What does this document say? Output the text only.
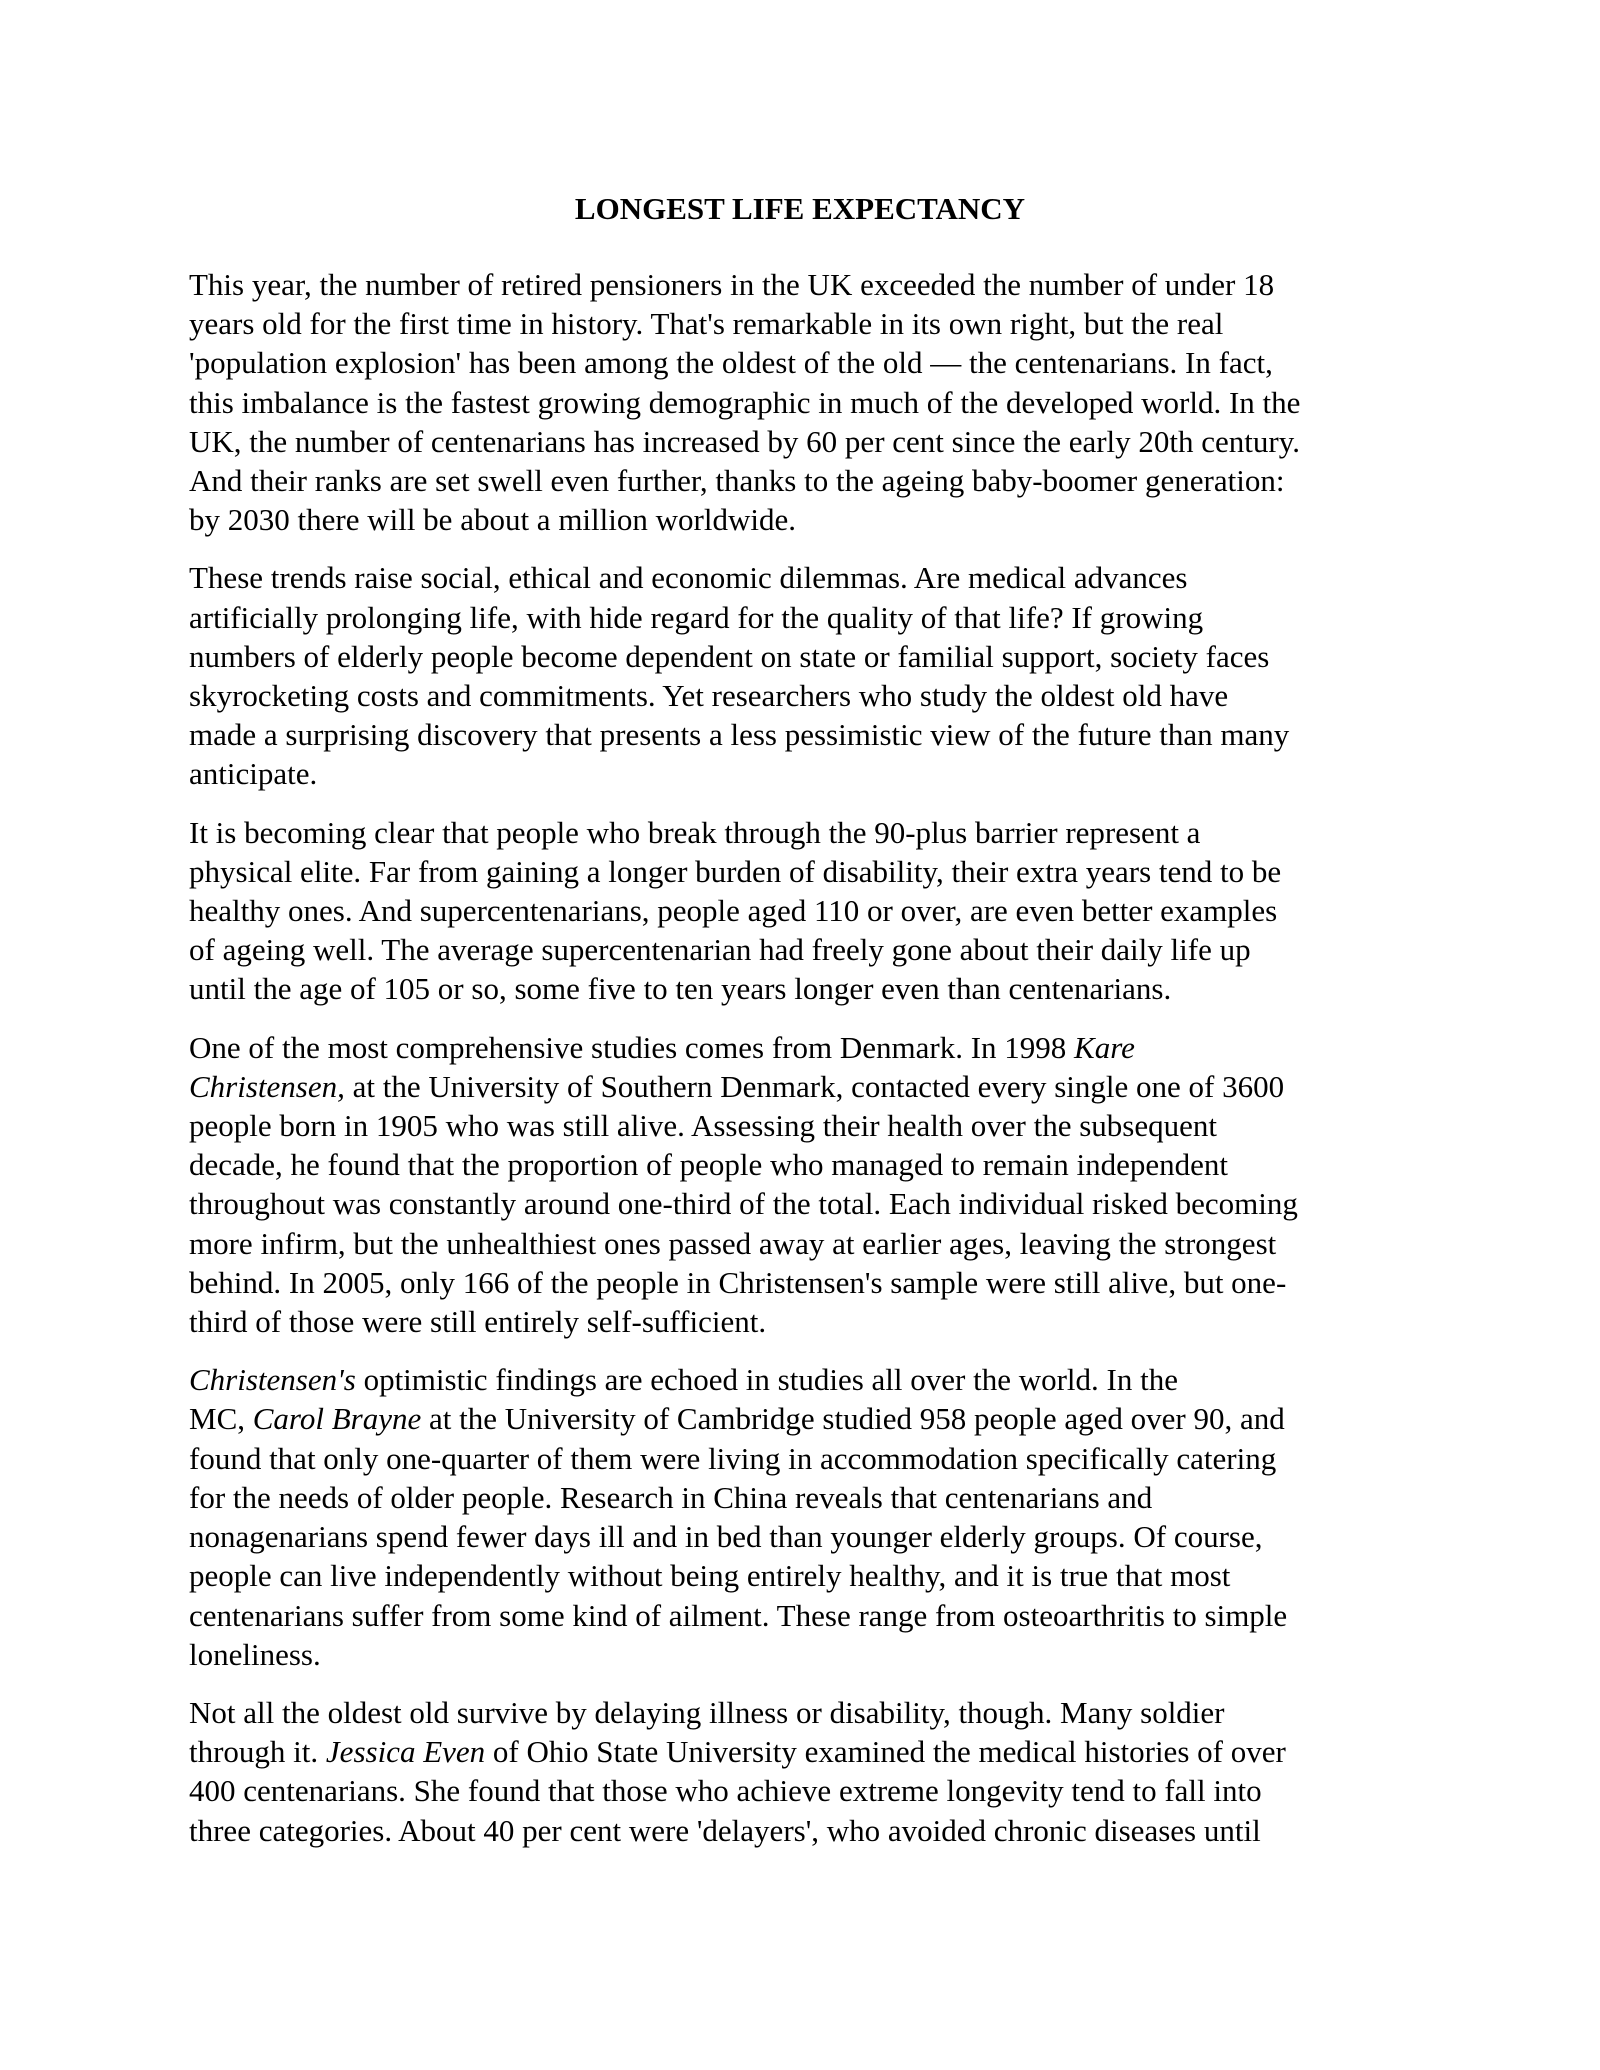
LONGEST LIFE EXPECTANCY

This year, the number of retired pensioners in the UK exceeded the number of under 18
years old for the first time in history. That's remarkable in its own right, but the real
'population explosion' has been among the oldest of the old — the centenarians. In fact,
this imbalance is the fastest growing demographic in much of the developed world. In the
UK, the number of centenarians has increased by 60 per cent since the early 20th century.
And their ranks are set swell even further, thanks to the ageing baby-boomer generation:
by 2030 there will be about a million worldwide.

These trends raise social, ethical and economic dilemmas. Are medical advances
artificially prolonging life, with hide regard for the quality of that life? If growing
numbers of elderly people become dependent on state or familial support, society faces
skyrocketing costs and commitments. Yet researchers who study the oldest old have
made a surprising discovery that presents a less pessimistic view of the future than many
anticipate.

It is becoming clear that people who break through the 90-plus barrier represent a
physical elite. Far from gaining a longer burden of disability, their extra years tend to be
healthy ones. And supercentenarians, people aged 110 or over, are even better examples
of ageing well. The average supercentenarian had freely gone about their daily life up
until the age of 105 or so, some five to ten years longer even than centenarians.

One of the most comprehensive studies comes from Denmark. In 1998 Kare
Christensen, at the University of Southern Denmark, contacted every single one of 3600
people born in 1905 who was still alive. Assessing their health over the subsequent
decade, he found that the proportion of people who managed to remain independent
throughout was constantly around one-third of the total. Each individual risked becoming
more infirm, but the unhealthiest ones passed away at earlier ages, leaving the strongest
behind. In 2005, only 166 of the people in Christensen's sample were still alive, but one-
third of those were still entirely self-sufficient.

Christensen's optimistic findings are echoed in studies all over the world. In the
MC, Carol Brayne at the University of Cambridge studied 958 people aged over 90, and
found that only one-quarter of them were living in accommodation specifically catering
for the needs of older people. Research in China reveals that centenarians and
nonagenarians spend fewer days ill and in bed than younger elderly groups. Of course,
people can live independently without being entirely healthy, and it is true that most
centenarians suffer from some kind of ailment. These range from osteoarthritis to simple
loneliness.

Not all the oldest old survive by delaying illness or disability, though. Many soldier
through it. Jessica Even of Ohio State University examined the medical histories of over
400 centenarians. She found that those who achieve extreme longevity tend to fall into
three categories. About 40 per cent were 'delayers', who avoided chronic diseases until
